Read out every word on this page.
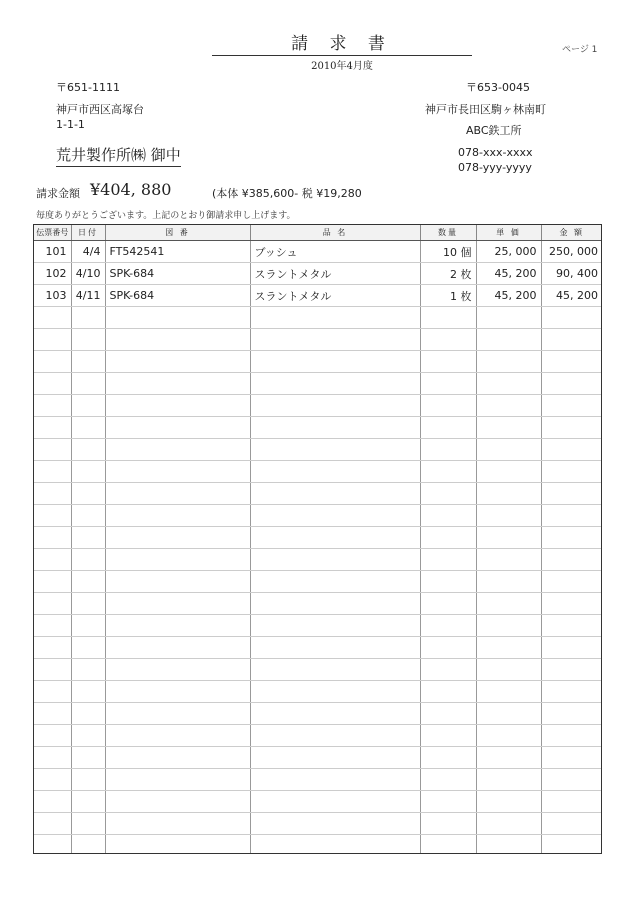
請 求 書
2010年4月度
ページ 1
〒651-1111
神戸市西区高塚台
1-1-1
荒井製作所㈱ 御中
〒653-0045
神戸市長田区駒ヶ林南町
ABC鉄工所
078-xxx-xxxx
078-yyy-yyyy
請求金額 ¥404, 880	(本体 ¥385,600- 税 ¥19,280
毎度ありがとうございます。上記のとおり御請求申し上げます。
伝票番号	日付	図 番	品 名	数量	単 価	金 額
101	4/4	FT542541	ブッシュ	10 個	25, 000	250, 000
102	4/10	SPK-684	スラントメタル	2 枚	45, 200	90, 400
103	4/11	SPK-684	スラントメタル	1 枚	45, 200	45, 200
